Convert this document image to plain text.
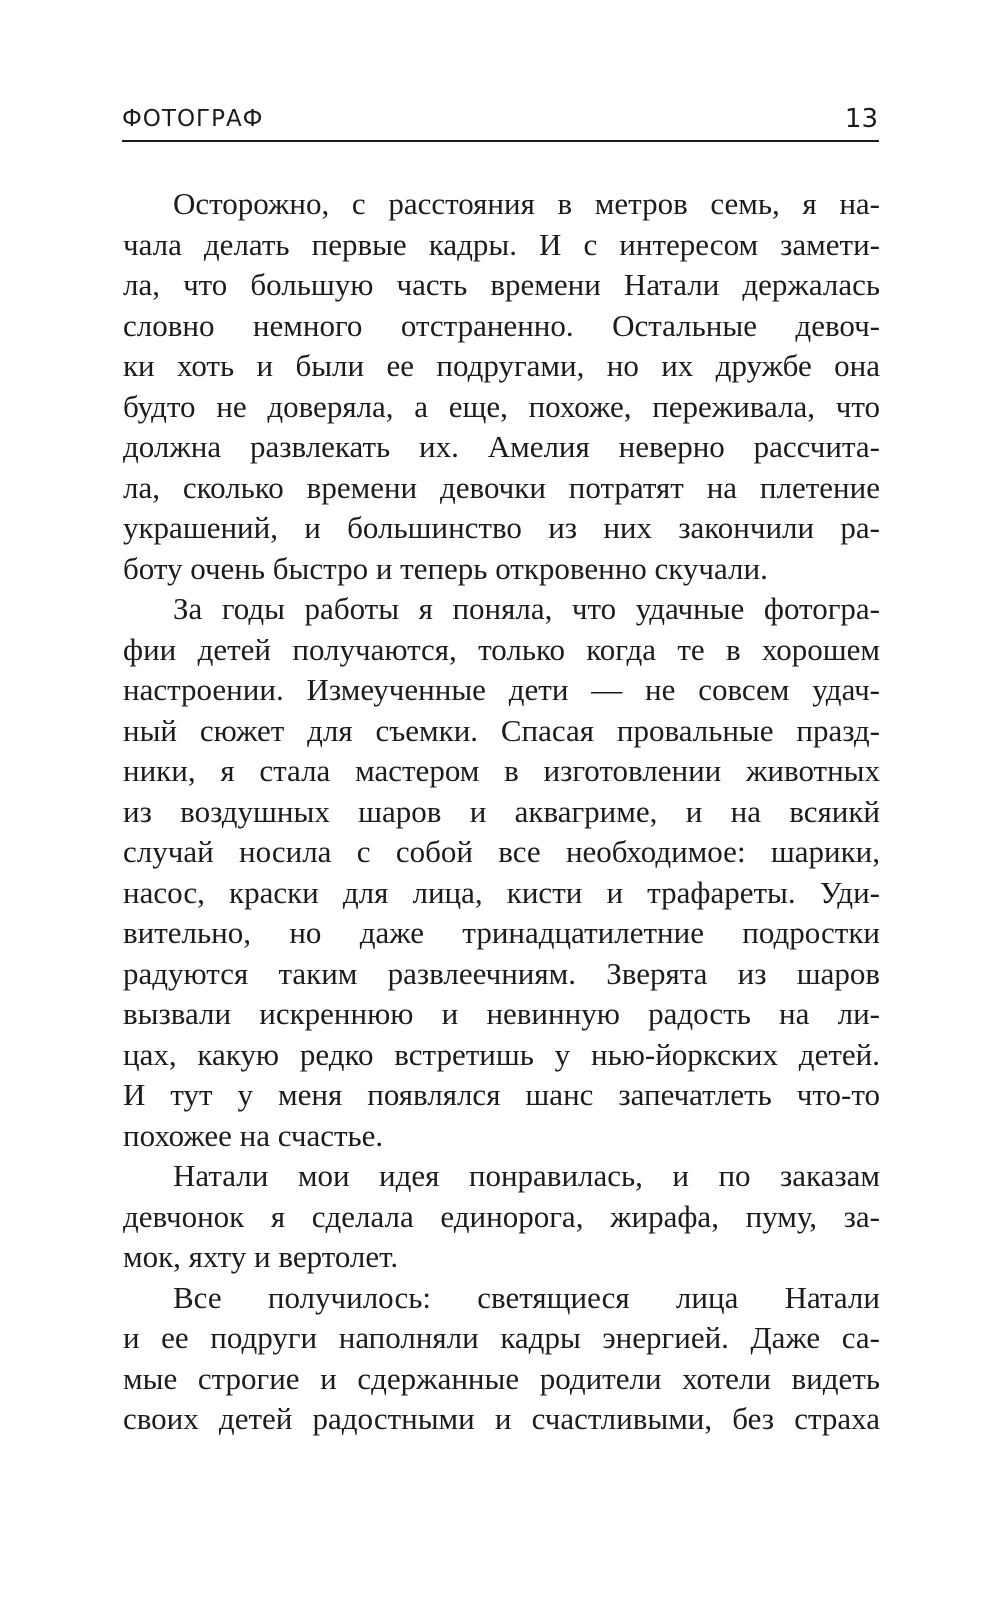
ФОТОГРАФ	13
Осторожно, с расстояния в метров семь, я на-
чала делать первые кадры. И с интересом замети-
ла, что большую часть времени Натали держалась
словно немного отстраненно. Остальные девоч-
ки хоть и были ее подругами, но их дружбе она
будто не доверяла, а еще, похоже, переживала, что
должна развлекать их. Амелия неверно рассчита-
ла, сколько времени девочки потратят на плетение
украшений, и большинство из них закончили ра-
боту очень быстро и теперь откровенно скучали.
За годы работы я поняла, что удачные фотогра-
фии детей получаются, только когда те в хорошем
настроении. Измеученные дети — не совсем удач-
ный сюжет для съемки. Спасая провальные празд-
ники, я стала мастером в изготовлении животных
из воздушных шаров и аквагриме, и на всяикй
случай носила с собой все необходимое: шарики,
насос, краски для лица, кисти и трафареты. Уди-
вительно, но даже тринадцатилетние подростки
радуются таким развлеечниям. Зверята из шаров
вызвали искреннюю и невинную радость на ли-
цах, какую редко встретишь у нью-йоркских детей.
И тут у меня появлялся шанс запечатлеть что-то
похожее на счастье.
Натали мои идея понравилась, и по заказам
девчонок я сделала единорога, жирафа, пуму, за-
мок, яхту и вертолет.
Все получилось: светящиеся лица Натали
и ее подруги наполняли кадры энергией. Даже са-
мые строгие и сдержанные родители хотели видеть
своих детей радостными и счастливыми, без страха
